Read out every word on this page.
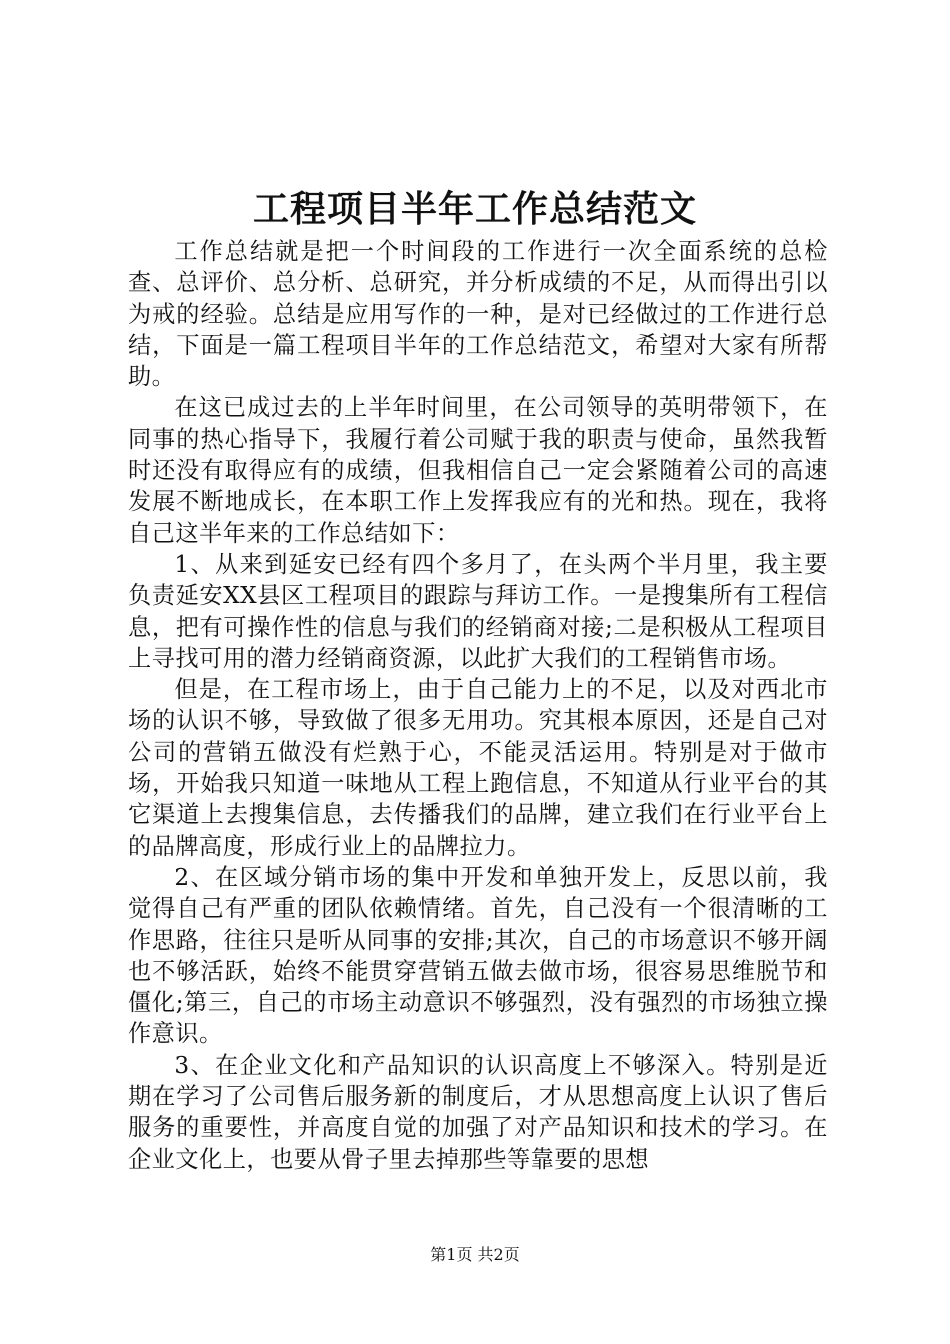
工程项目半年工作总结范文

工作总结就是把一个时间段的工作进行一次全面系统的总检查、总评价、总分析、总研究，并分析成绩的不足，从而得出引以为戒的经验。总结是应用写作的一种，是对已经做过的工作进行总结，下面是一篇工程项目半年的工作总结范文，希望对大家有所帮助。

在这已成过去的上半年时间里，在公司领导的英明带领下，在同事的热心指导下，我履行着公司赋于我的职责与使命，虽然我暂时还没有取得应有的成绩，但我相信自己一定会紧随着公司的高速发展不断地成长，在本职工作上发挥我应有的光和热。现在，我将自己这半年来的工作总结如下：

1、从来到延安已经有四个多月了，在头两个半月里，我主要负责延安XX县区工程项目的跟踪与拜访工作。一是搜集所有工程信息，把有可操作性的信息与我们的经销商对接;二是积极从工程项目上寻找可用的潜力经销商资源，以此扩大我们的工程销售市场。

但是，在工程市场上，由于自己能力上的不足，以及对西北市场的认识不够，导致做了很多无用功。究其根本原因，还是自己对公司的营销五做没有烂熟于心，不能灵活运用。特别是对于做市场，开始我只知道一味地从工程上跑信息，不知道从行业平台的其它渠道上去搜集信息，去传播我们的品牌，建立我们在行业平台上的品牌高度，形成行业上的品牌拉力。

2、在区域分销市场的集中开发和单独开发上，反思以前，我觉得自己有严重的团队依赖情绪。首先，自己没有一个很清晰的工作思路，往往只是听从同事的安排;其次，自己的市场意识不够开阔也不够活跃，始终不能贯穿营销五做去做市场，很容易思维脱节和僵化;第三，自己的市场主动意识不够强烈，没有强烈的市场独立操作意识。

3、在企业文化和产品知识的认识高度上不够深入。特别是近期在学习了公司售后服务新的制度后，才从思想高度上认识了售后服务的重要性，并高度自觉的加强了对产品知识和技术的学习。在企业文化上，也要从骨子里去掉那些等靠要的思想

第1页 共2页
